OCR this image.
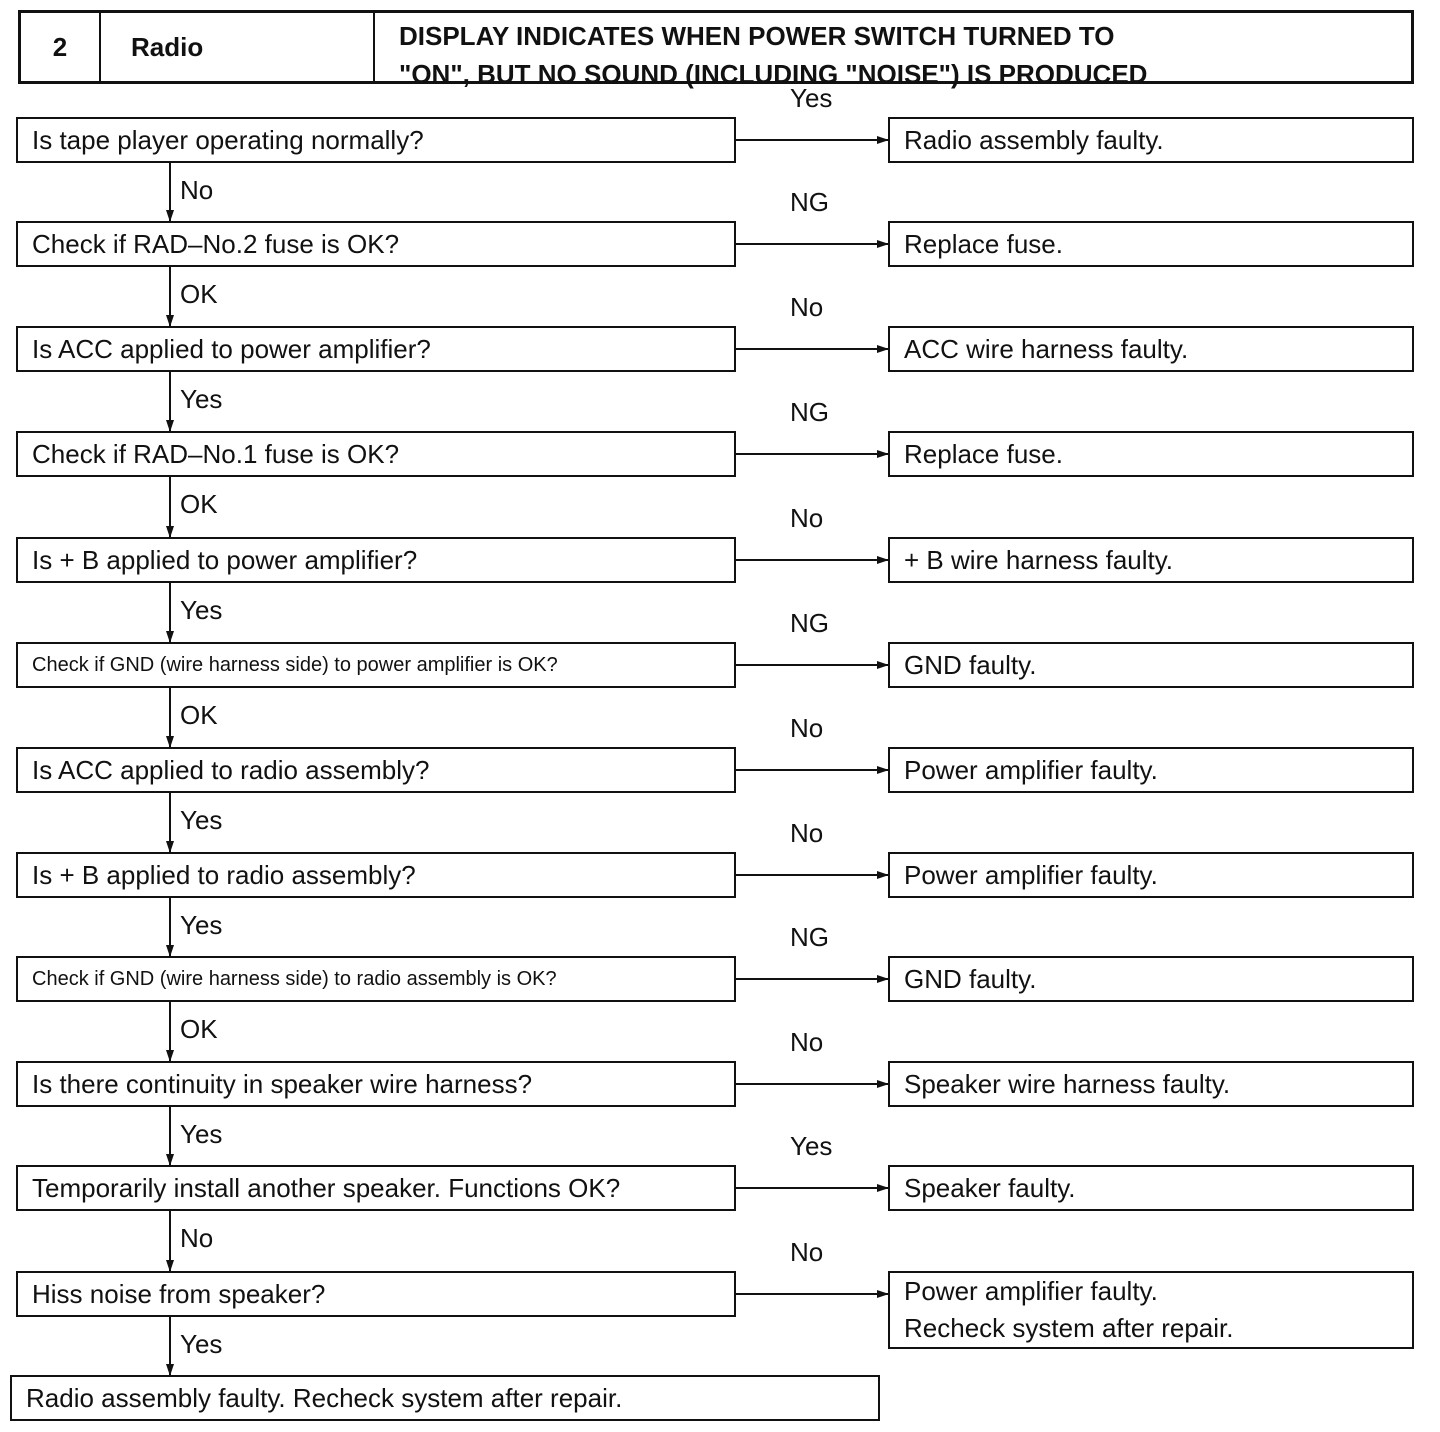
2	Radio	DISPLAY INDICATES WHEN POWER SWITCH TURNED TO
"ON", BUT NO SOUND (INCLUDING "NOISE") IS PRODUCED
Is tape player operating normally?	Radio assembly faulty.
Yes
No
Check if RAD–No.2 fuse is OK?	Replace fuse.
NG
OK
Is ACC applied to power amplifier?	ACC wire harness faulty.
No
Yes
Check if RAD–No.1 fuse is OK?	Replace fuse.
NG
OK
Is + B applied to power amplifier?	+ B wire harness faulty.
No
Yes
Check if GND (wire harness side) to power amplifier is OK?	GND faulty.
NG
OK
Is ACC applied to radio assembly?	Power amplifier faulty.
No
Yes
Is + B applied to radio assembly?	Power amplifier faulty.
No
Yes
Check if GND (wire harness side) to radio assembly is OK?	GND faulty.
NG
OK
Is there continuity in speaker wire harness?	Speaker wire harness faulty.
No
Yes
Temporarily install another speaker. Functions OK?	Speaker faulty.
Yes
No
Hiss noise from speaker?	Power amplifier faulty.
Recheck system after repair.
No
Yes
Radio assembly faulty. Recheck system after repair.
